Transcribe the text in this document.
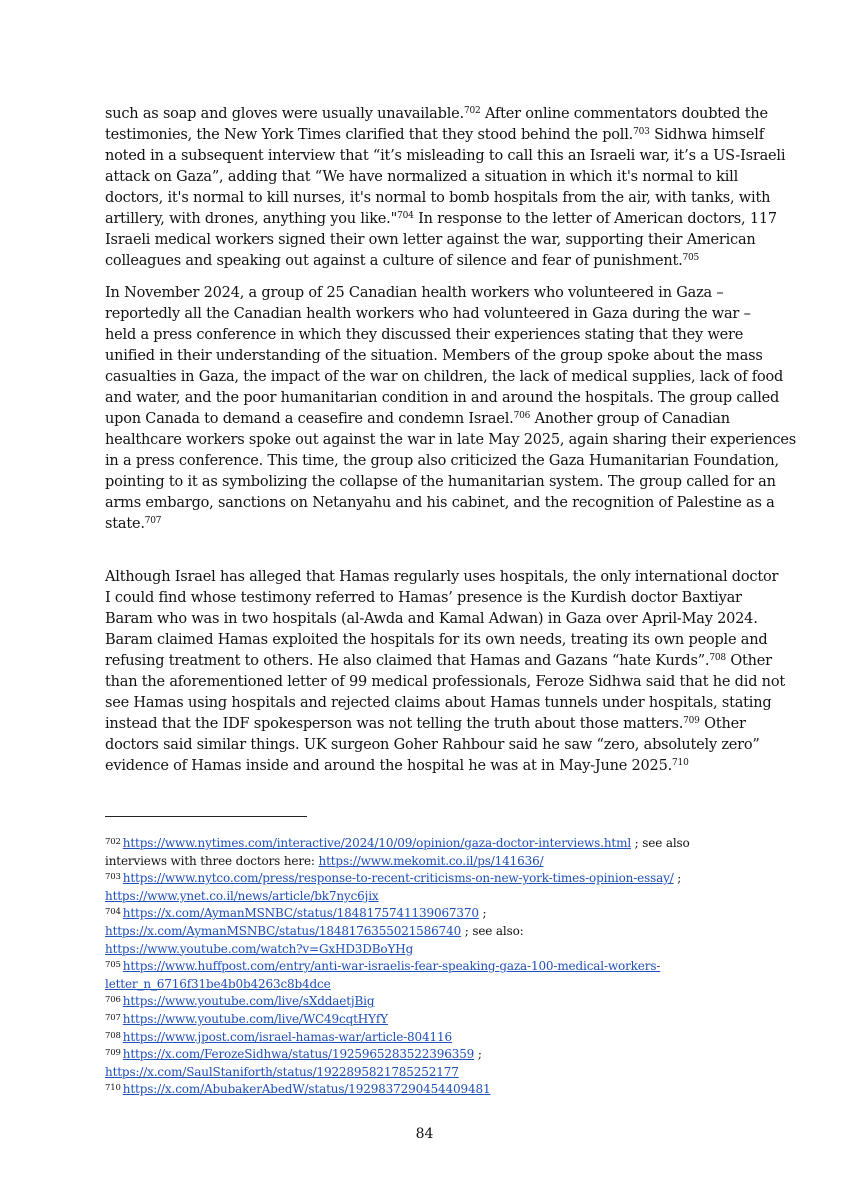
such as soap and gloves were usually unavailable.$^{702}$ After online commentators doubted the
testimonies, the New York Times clarified that they stood behind the poll.$^{703}$ Sidhwa himself
noted in a subsequent interview that “it’s misleading to call this an Israeli war, it’s a US-Israeli
attack on Gaza”, adding that “We have normalized a situation in which it's normal to kill
doctors, it's normal to kill nurses, it's normal to bomb hospitals from the air, with tanks, with
artillery, with drones, anything you like."$^{704}$ In response to the letter of American doctors, 117
Israeli medical workers signed their own letter against the war, supporting their American
colleagues and speaking out against a culture of silence and fear of punishment.$^{705}$
In November 2024, a group of 25 Canadian health workers who volunteered in Gaza –
reportedly all the Canadian health workers who had volunteered in Gaza during the war –
held a press conference in which they discussed their experiences stating that they were
unified in their understanding of the situation. Members of the group spoke about the mass
casualties in Gaza, the impact of the war on children, the lack of medical supplies, lack of food
and water, and the poor humanitarian condition in and around the hospitals. The group called
upon Canada to demand a ceasefire and condemn Israel.$^{706}$ Another group of Canadian
healthcare workers spoke out against the war in late May 2025, again sharing their experiences
in a press conference. This time, the group also criticized the Gaza Humanitarian Foundation,
pointing to it as symbolizing the collapse of the humanitarian system. The group called for an
arms embargo, sanctions on Netanyahu and his cabinet, and the recognition of Palestine as a
state.$^{707}$
Although Israel has alleged that Hamas regularly uses hospitals, the only international doctor
I could find whose testimony referred to Hamas’ presence is the Kurdish doctor Baxtiyar
Baram who was in two hospitals (al-Awda and Kamal Adwan) in Gaza over April-May 2024.
Baram claimed Hamas exploited the hospitals for its own needs, treating its own people and
refusing treatment to others. He also claimed that Hamas and Gazans “hate Kurds”.$^{708}$ Other
than the aforementioned letter of 99 medical professionals, Feroze Sidhwa said that he did not
see Hamas using hospitals and rejected claims about Hamas tunnels under hospitals, stating
instead that the IDF spokesperson was not telling the truth about those matters.$^{709}$ Other
doctors said similar things. UK surgeon Goher Rahbour said he saw “zero, absolutely zero”
evidence of Hamas inside and around the hospital he was at in May-June 2025.$^{710}$
$^{702}$ https://www.nytimes.com/interactive/2024/10/09/opinion/gaza-doctor-interviews.html ; see also
interviews with three doctors here: https://www.mekomit.co.il/ps/141636/
$^{703}$ https://www.nytco.com/press/response-to-recent-criticisms-on-new-york-times-opinion-essay/ ;
https://www.ynet.co.il/news/article/bk7nyc6jix
$^{704}$ https://x.com/AymanMSNBC/status/1848175741139067370 ;
https://x.com/AymanMSNBC/status/1848176355021586740 ; see also:
https://www.youtube.com/watch?v=GxHD3DBoYHg
$^{705}$ https://www.huffpost.com/entry/anti-war-israelis-fear-speaking-gaza-100-medical-workers-
letter_n_6716f31be4b0b4263c8b4dce
$^{706}$ https://www.youtube.com/live/sXddaetjBig
$^{707}$ https://www.youtube.com/live/WC49cqtHYfY
$^{708}$ https://www.jpost.com/israel-hamas-war/article-804116
$^{709}$ https://x.com/FerozeSidhwa/status/1925965283522396359 ;
https://x.com/SaulStaniforth/status/1922895821785252177
$^{710}$ https://x.com/AbubakerAbedW/status/1929837290454409481
84
